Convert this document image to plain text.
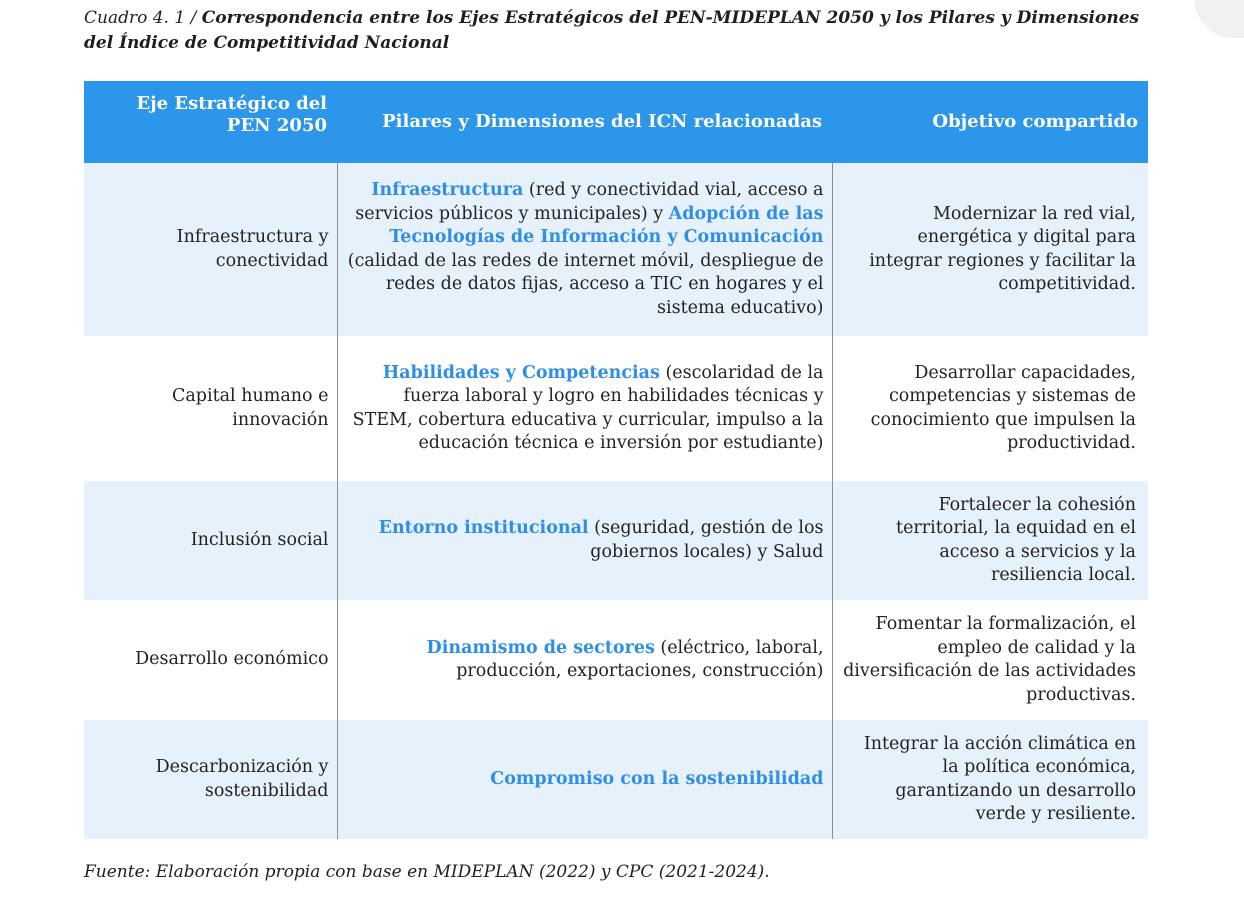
Cuadro 4. 1 / Correspondencia entre los Ejes Estratégicos del PEN-MIDEPLAN 2050 y los Pilares y Dimensiones del Índice de Competitividad Nacional
Eje Estratégico del PEN 2050	Pilares y Dimensiones del ICN relacionadas	Objetivo compartido
Infraestructura y conectividad	Infraestructura (red y conectividad vial, acceso a servicios públicos y municipales) y Adopción de las Tecnologías de Información y Comunicación (calidad de las redes de internet móvil, despliegue de redes de datos fijas, acceso a TIC en hogares y el sistema educativo)	Modernizar la red vial, energética y digital para integrar regiones y facilitar la competitividad.
Capital humano e innovación	Habilidades y Competencias (escolaridad de la fuerza laboral y logro en habilidades técnicas y STEM, cobertura educativa y curricular, impulso a la educación técnica e inversión por estudiante)	Desarrollar capacidades, competencias y sistemas de conocimiento que impulsen la productividad.
Inclusión social	Entorno institucional (seguridad, gestión de los gobiernos locales) y Salud	Fortalecer la cohesión territorial, la equidad en el acceso a servicios y la resiliencia local.
Desarrollo económico	Dinamismo de sectores (eléctrico, laboral, producción, exportaciones, construcción)	Fomentar la formalización, el empleo de calidad y la diversificación de las actividades productivas.
Descarbonización y sostenibilidad	Compromiso con la sostenibilidad	Integrar la acción climática en la política económica, garantizando un desarrollo verde y resiliente.
Fuente: Elaboración propia con base en MIDEPLAN (2022) y CPC (2021-2024).
